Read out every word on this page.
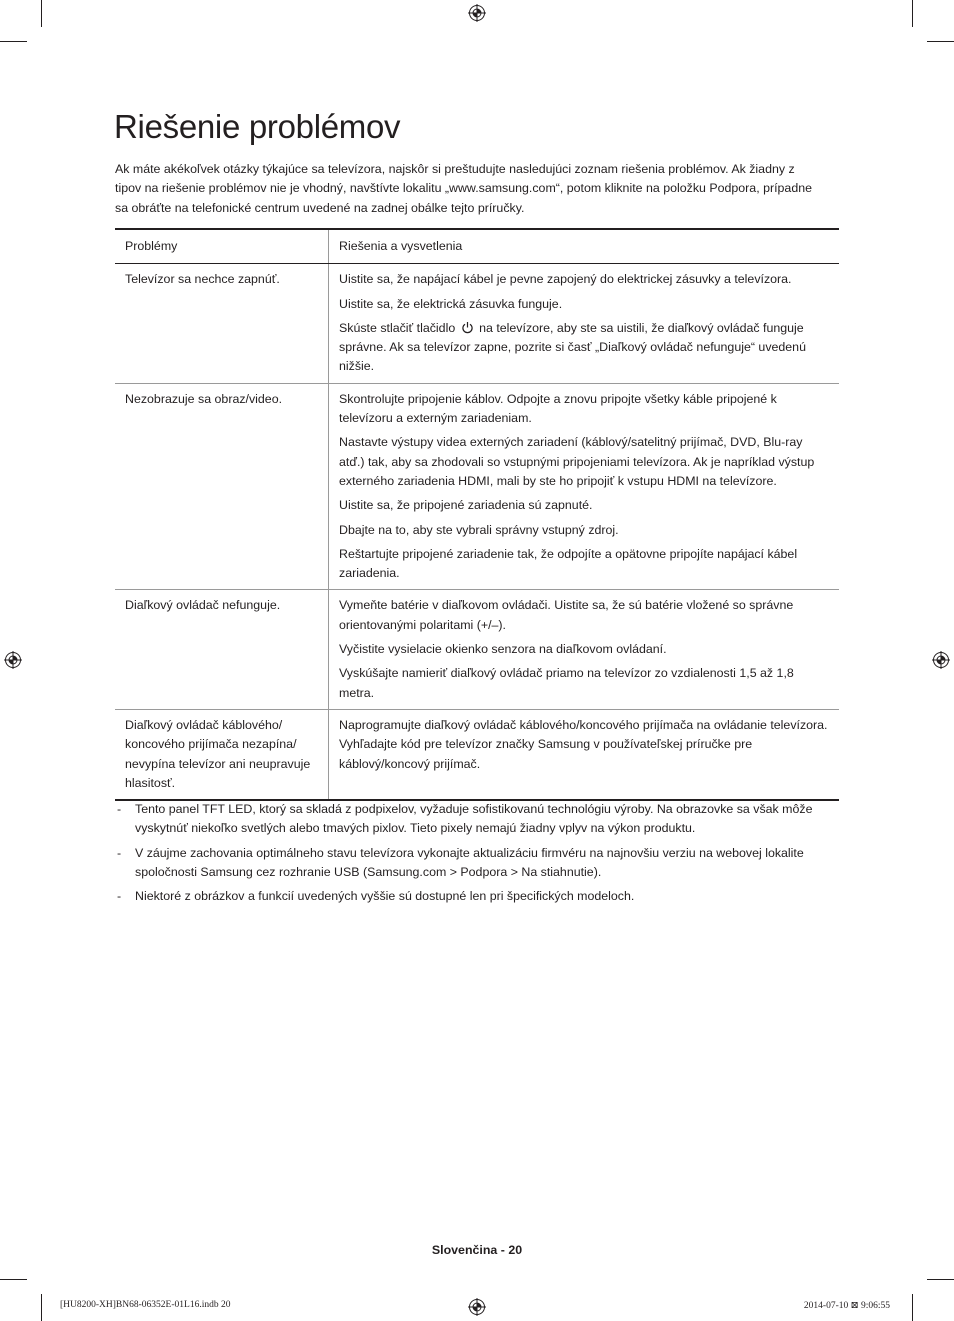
Riešenie problémov

Ak máte akékoľvek otázky týkajúce sa televízora, najskôr si preštudujte nasledujúci zoznam riešenia problémov. Ak žiadny z tipov na riešenie problémov nie je vhodný, navštívte lokalitu „www.samsung.com“, potom kliknite na položku Podpora, prípadne sa obráťte na telefonické centrum uvedené na zadnej obálke tejto príručky.

Problémy	Riešenia a vysvetlenia
Televízor sa nechce zapnúť.	Uistite sa, že napájací kábel je pevne zapojený do elektrickej zásuvky a televízora.

Uistite sa, že elektrická zásuvka funguje.

Skúste stlačiť tlačidlo  na televízore, aby ste sa uistili, že diaľkový ovládač funguje správne. Ak sa televízor zapne, pozrite si časť „Diaľkový ovládač nefunguje“ uvedenú nižšie.

Nezobrazuje sa obraz/video.	Skontrolujte pripojenie káblov. Odpojte a znovu pripojte všetky káble pripojené k televízoru a externým zariadeniam.

Nastavte výstupy videa externých zariadení (káblový/satelitný prijímač, DVD, Blu-ray atď.) tak, aby sa zhodovali so vstupnými pripojeniami televízora. Ak je napríklad výstup externého zariadenia HDMI, mali by ste ho pripojiť k vstupu HDMI na televízore.

Uistite sa, že pripojené zariadenia sú zapnuté.

Dbajte na to, aby ste vybrali správny vstupný zdroj.

Reštartujte pripojené zariadenie tak, že odpojíte a opätovne pripojíte napájací kábel zariadenia.

Diaľkový ovládač nefunguje.	Vymeňte batérie v diaľkovom ovládači. Uistite sa, že sú batérie vložené so správne orientovanými polaritami (+/–).

Vyčistite vysielacie okienko senzora na diaľkovom ovládaní.

Vyskúšajte namieriť diaľkový ovládač priamo na televízor zo vzdialenosti 1,5 až 1,8 metra.

Diaľkový ovládač káblového/ koncového prijímača nezapína/ nevypína televízor ani neupravuje hlasitosť.	Naprogramujte diaľkový ovládač káblového/koncového prijímača na ovládanie televízora. Vyhľadajte kód pre televízor značky Samsung v používateľskej príručke pre káblový/koncový prijímač.

- Tento panel TFT LED, ktorý sa skladá z podpixelov, vyžaduje sofistikovanú technológiu výroby. Na obrazovke sa však môže vyskytnúť niekoľko svetlých alebo tmavých pixlov. Tieto pixely nemajú žiadny vplyv na výkon produktu.
- V záujme zachovania optimálneho stavu televízora vykonajte aktualizáciu firmvéru na najnovšiu verziu na webovej lokalite spoločnosti Samsung cez rozhranie USB (Samsung.com > Podpora > Na stiahnutie).
- Niektoré z obrázkov a funkcií uvedených vyššie sú dostupné len pri špecifických modeloch.
Slovenčina - 20
[HU8200-XH]BN68-06352E-01L16.indb 20	2014-07-10 ⊠ 9:06:55
